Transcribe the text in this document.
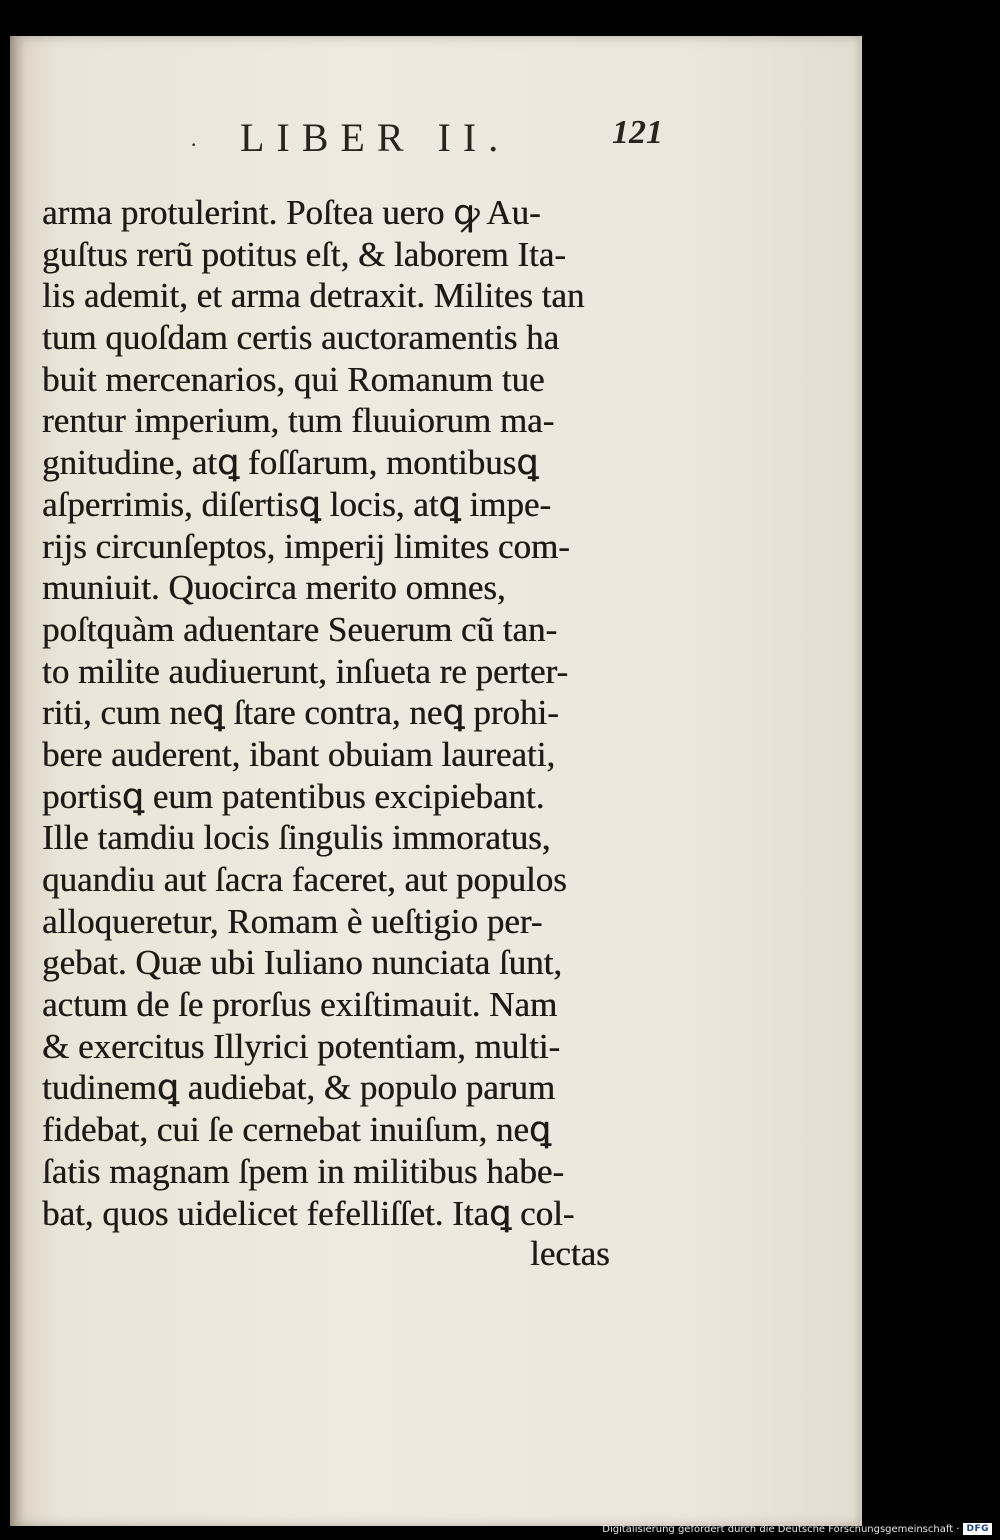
· LIBER II.	121
arma protulerint. Poſtea uero ꝙ Au-
guſtus rerũ potitus eſt, & laborem Ita-
lis ademit, et arma detraxit. Milites tan
tum quoſdam certis auctoramentis ha
buit mercenarios, qui Romanum tue
rentur imperium, tum fluuiorum ma-
gnitudine, atꝗ foſſarum, montibusꝗ
aſperrimis, diſertisꝗ locis, atꝗ impe-
rijs circunſeptos, imperij limites com-
muniuit. Quocirca merito omnes,
poſtquàm aduentare Seuerum cũ tan-
to milite audiuerunt, inſueta re perter-
riti, cum neꝗ ſtare contra, neꝗ prohi-
bere auderent, ibant obuiam laureati,
portisꝗ eum patentibus excipiebant.
Ille tamdiu locis ſingulis immoratus,
quandiu aut ſacra faceret, aut populos
alloqueretur, Romam è ueſtigio per-
gebat. Quæ ubi Iuliano nunciata ſunt,
actum de ſe prorſus exiſtimauit. Nam
& exercitus Illyrici potentiam, multi-
tudinemꝗ audiebat, & populo parum
fidebat, cui ſe cernebat inuiſum, neꝗ
ſatis magnam ſpem in militibus habe-
bat, quos uidelicet fefelliſſet. Itaꝗ col-
lectas
Digitalisierung gefördert durch die Deutsche Forschungsgemeinschaft · DFG
